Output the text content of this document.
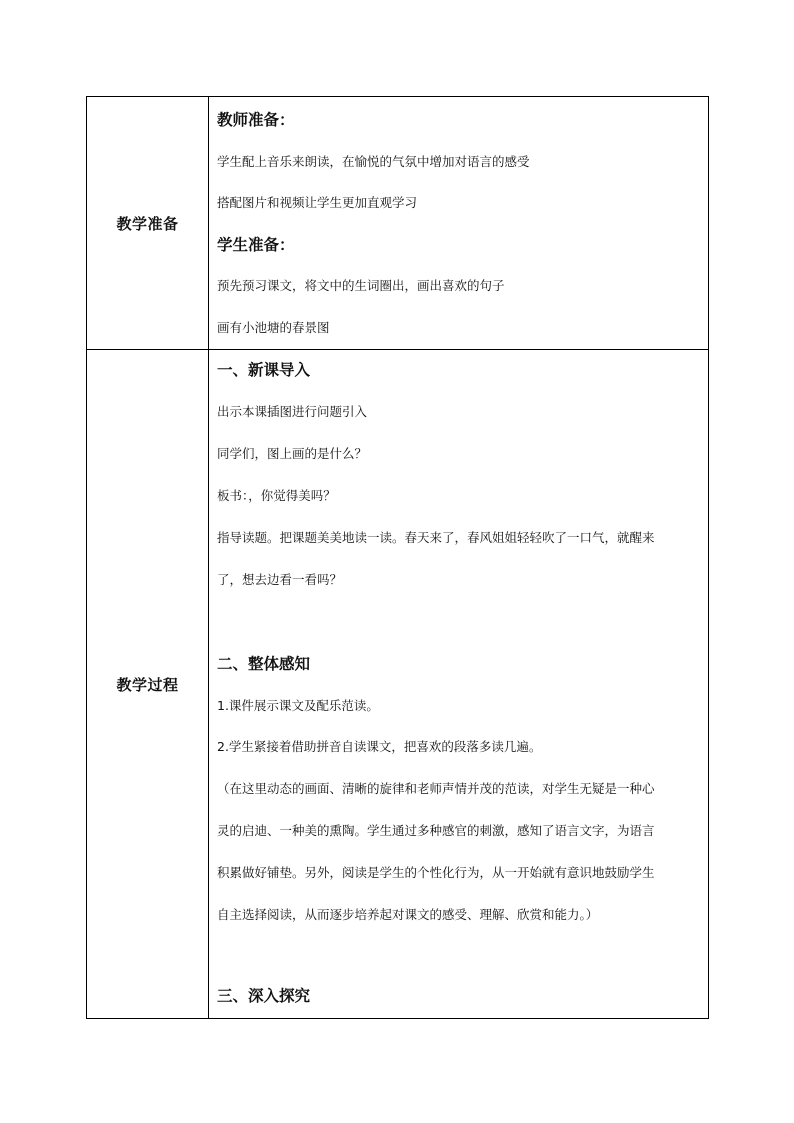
教学准备
教师准备：
学生配上音乐来朗读，在愉悦的气氛中增加对语言的感受
搭配图片和视频让学生更加直观学习
学生准备：
预先预习课文，将文中的生词圈出，画出喜欢的句子
画有小池塘的春景图
教学过程
一、新课导入
出示本课插图进行问题引入
同学们，图上画的是什么？
板书：，你觉得美吗？
指导读题。把课题美美地读一读。春天来了，春风姐姐轻轻吹了一口气，就醒来
了，想去边看一看吗？
二、整体感知
1.课件展示课文及配乐范读。
2.学生紧接着借助拼音自读课文，把喜欢的段落多读几遍。
（在这里动态的画面、清晰的旋律和老师声情并茂的范读，对学生无疑是一种心
灵的启迪、一种美的熏陶。学生通过多种感官的刺激，感知了语言文字，为语言
积累做好铺垫。另外，阅读是学生的个性化行为，从一开始就有意识地鼓励学生
自主选择阅读，从而逐步培养起对课文的感受、理解、欣赏和能力。）
三、深入探究
